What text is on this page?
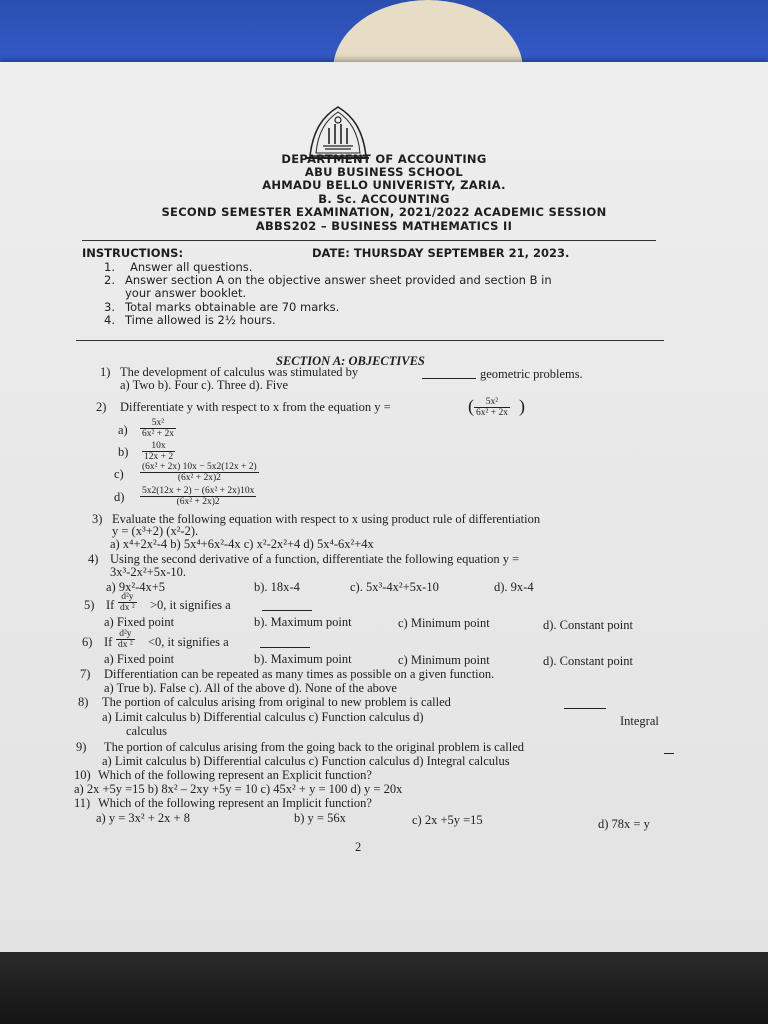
DEPARTMENT OF ACCOUNTING
ABU BUSINESS SCHOOL
AHMADU BELLO UNIVERISTY, ZARIA.
B. Sc. ACCOUNTING
SECOND SEMESTER EXAMINATION, 2021/2022 ACADEMIC SESSION
ABBS202 – BUSINESS MATHEMATICS II
INSTRUCTIONS:	DATE: THURSDAY SEPTEMBER 21, 2023.
1. Answer all questions.
2. Answer section A on the objective answer sheet provided and section B in
your answer booklet.
3. Total marks obtainable are 70 marks.
4. Time allowed is 2½ hours.
SECTION A: OBJECTIVES
1) The development of calculus was stimulated by	geometric problems.
a) Two b). Four c). Three d). Five
2) Differentiate y with respect to x from the equation y =	( $\frac{\text{5x²}}{\text{6x² + 2x}}$ )
$a) \frac{\text{5x²}}{\text{6x² + 2x}}$
$b) \frac{10x}{12x + 2}$
$c) \frac{\text{(6x² + 2x) 10x − 5x2(12x + 2)}}{\text{(6x² + 2x)2}}$
$d) \frac{\text{5x2(12x + 2) − (6x² + 2x)10x}}{\text{(6x² + 2x)2}}$
3) Evaluate the following equation with respect to x using product rule of differentiation
y = (x³+2) (x²-2).
a) x⁴+2x²-4 b) 5x⁴+6x²-4x c) x²-2x²+4 d) 5x⁴-6x²+4x
4) Using the second derivative of a function, differentiate the following equation y =
3x³-2x²+5x-10.
a) 9x²-4x+5	b). 18x-4	c). 5x³-4x²+5x-10	d). 9x-4
5) If $\frac{\text{d²y}}{\text{dx ²}} >0$, it signifies a
a) Fixed point	b). Maximum point	c) Minimum point	d). Constant point
6) If $\frac{\text{d²y}}{\text{dx ²}} <0$, it signifies a
a) Fixed point	b). Maximum point	c) Minimum point	d). Constant point
7) Differentiation can be repeated as many times as possible on a given function.
a) True b). False c). All of the above d). None of the above
8) The portion of calculus arising from original to new problem is called
a) Limit calculus b) Differential calculus c) Function calculus d)	Integral
calculus
9) The portion of calculus arising from the going back to the original problem is called
a) Limit calculus b) Differential calculus c) Function calculus d) Integral calculus
10) Which of the following represent an Explicit function?
a) 2x +5y =15 b) 8x² – 2xy +5y = 10 c) 45x² + y = 100 d) y = 20x
11) Which of the following represent an Implicit function?
a) y = 3x² + 2x + 8	b) y = 56x	c) 2x +5y =15	d) 78x = y
2
